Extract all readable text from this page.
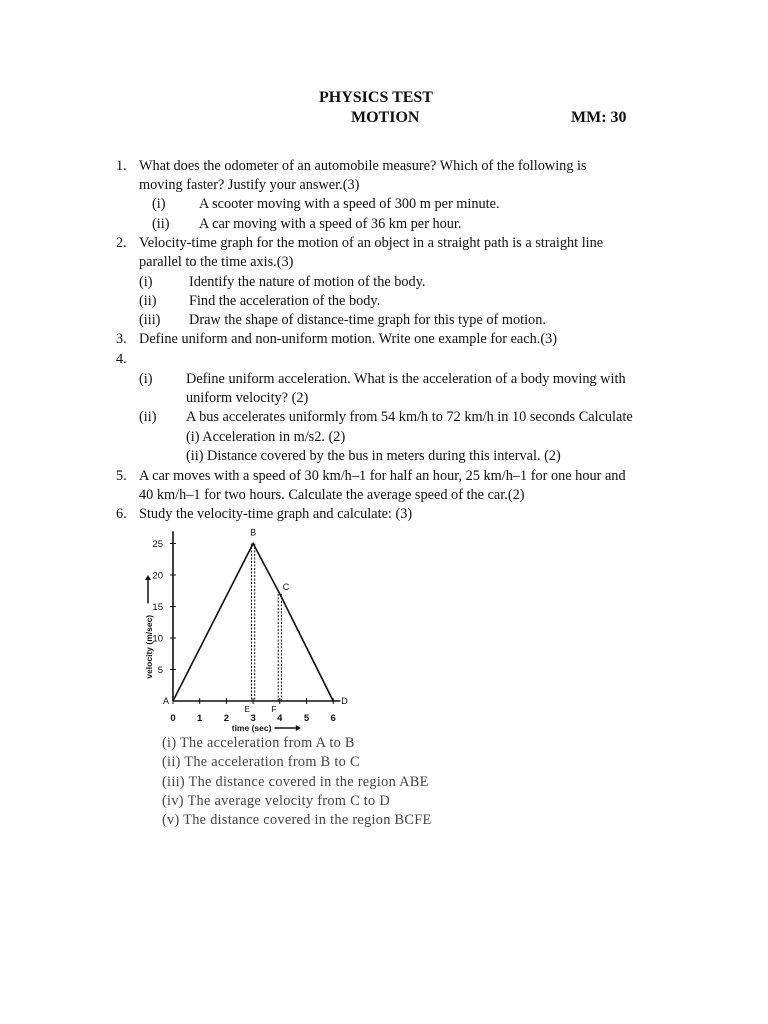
PHYSICS TEST
MOTION	MM: 30
1. What does the odometer of an automobile measure? Which of the following is
moving faster? Justify your answer.(3)
(i) A scooter moving with a speed of 300 m per minute.
(ii) A car moving with a speed of 36 km per hour.
2. Velocity-time graph for the motion of an object in a straight path is a straight line
parallel to the time axis.(3)
(i)	Identify the nature of motion of the body.
(ii) Find the acceleration of the body.
(iii) Draw the shape of distance-time graph for this type of motion.
3. Define uniform and non-uniform motion. Write one example for each.(3)
4.
(i) Define uniform acceleration. What is the acceleration of a body moving with
uniform velocity? (2)
(ii) A bus accelerates uniformly from 54 km/h to 72 km/h in 10 seconds Calculate
(i) Acceleration in m/s2. (2)
(ii) Distance covered by the bus in meters during this interval. (2)
5. A car moves with a speed of 30 km/h–1 for half an hour, 25 km/h–1 for one hour and
40 km/h–1 for two hours. Calculate the average speed of the car.(2)
6. Study the velocity-time graph and calculate: (3)
5
10
15
20
25
0 1 2 3 4 5 6
A
B
C
D
E	F
time (sec)
velocity (m/sec)
(i) The acceleration from A to B
(ii) The acceleration from B to C
(iii) The distance covered in the region ABE
(iv) The average velocity from C to D
(v) The distance covered in the region BCFE
